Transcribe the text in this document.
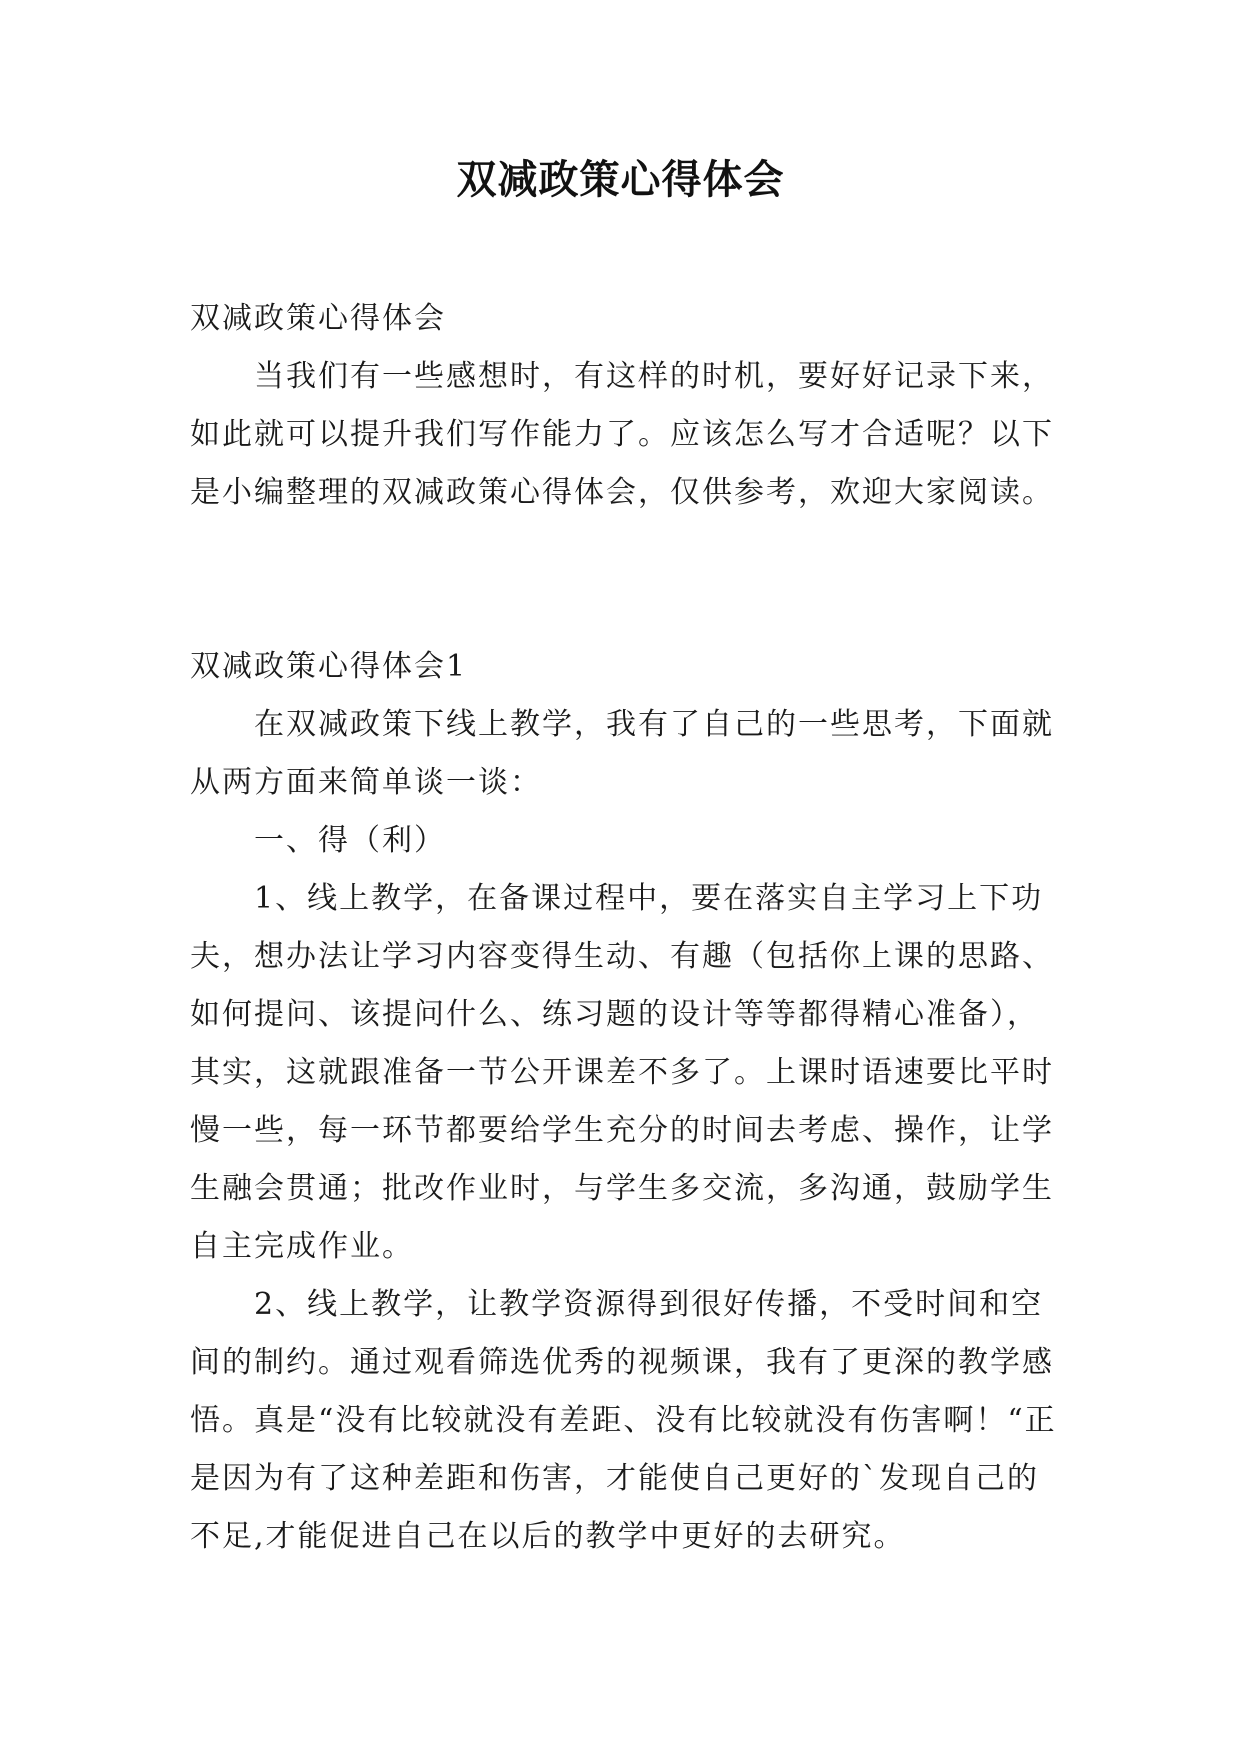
双减政策心得体会

双减政策心得体会

当我们有一些感想时，有这样的时机，要好好记录下来，如此就可以提升我们写作能力了。应该怎么写才合适呢？以下是小编整理的双减政策心得体会，仅供参考，欢迎大家阅读。

双减政策心得体会1

在双减政策下线上教学，我有了自己的一些思考，下面就从两方面来简单谈一谈：

一、得（利）

1、线上教学，在备课过程中，要在落实自主学习上下功夫，想办法让学习内容变得生动、有趣（包括你上课的思路、如何提问、该提问什么、练习题的设计等等都得精心准备），其实，这就跟准备一节公开课差不多了。上课时语速要比平时慢一些，每一环节都要给学生充分的时间去考虑、操作，让学生融会贯通；批改作业时，与学生多交流，多沟通，鼓励学生自主完成作业。

2、线上教学，让教学资源得到很好传播，不受时间和空间的制约。通过观看筛选优秀的视频课，我有了更深的教学感悟。真是“没有比较就没有差距、没有比较就没有伤害啊！“正是因为有了这种差距和伤害，才能使自己更好的`发现自己的不足,才能促进自己在以后的教学中更好的去研究。
